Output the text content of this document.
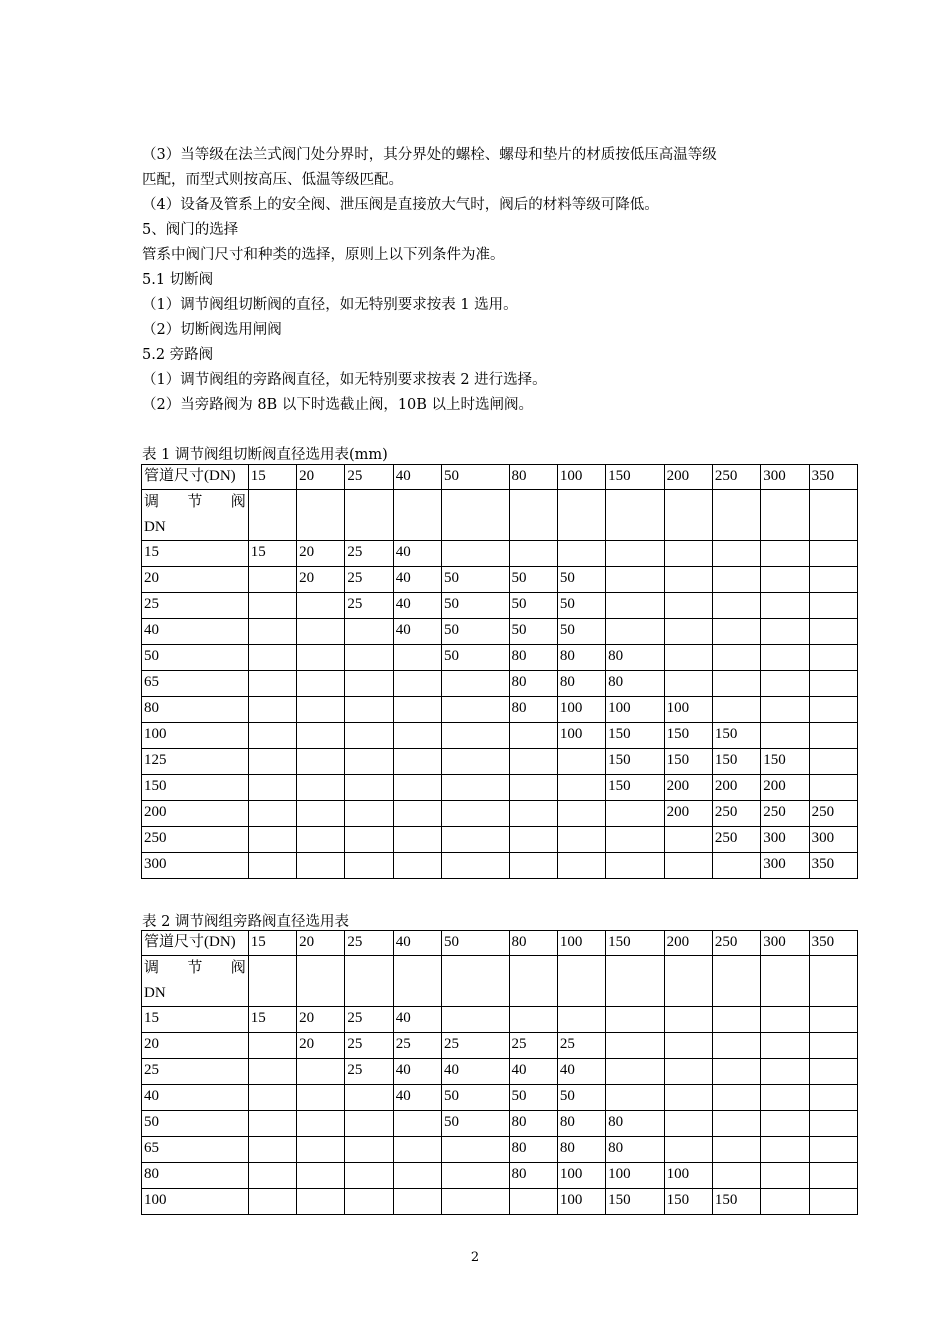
（3）当等级在法兰式阀门处分界时，其分界处的螺栓、螺母和垫片的材质按低压高温等级
匹配，而型式则按高压、低温等级匹配。
（4）设备及管系上的安全阀、泄压阀是直接放大气时，阀后的材料等级可降低。
5、阀门的选择
管系中阀门尺寸和种类的选择，原则上以下列条件为准。
5.1 切断阀
（1）调节阀组切断阀的直径，如无特别要求按表 1 选用。
（2）切断阀选用闸阀
5.2 旁路阀
（1）调节阀组的旁路阀直径，如无特别要求按表 2 进行选择。
（2）当旁路阀为 8B 以下时选截止阀，10B 以上时选闸阀。
表 1 调节阀组切断阀直径选用表(mm)
管道尺寸(DN)	15	20	25	40	50	80	100	150	200	250	300	350

调 节 阀
DN												

15	15	20	25	40								
20		20	25	40	50	50	50					
25			25	40	50	50	50					
40				40	50	50	50					
50					50	80	80	80				
65						80	80	80				
80						80	100	100	100			
100							100	150	150	150		
125								150	150	150	150	
150								150	200	200	200	
200									200	250	250	250
250										250	300	300
300											300	350
表 2 调节阀组旁路阀直径选用表
管道尺寸(DN)	15	20	25	40	50	80	100	150	200	250	300	350

调 节 阀
DN												

15	15	20	25	40								
20		20	25	25	25	25	25					
25			25	40	40	40	40					
40				40	50	50	50					
50					50	80	80	80				
65						80	80	80				
80						80	100	100	100			
100							100	150	150	150		
2
